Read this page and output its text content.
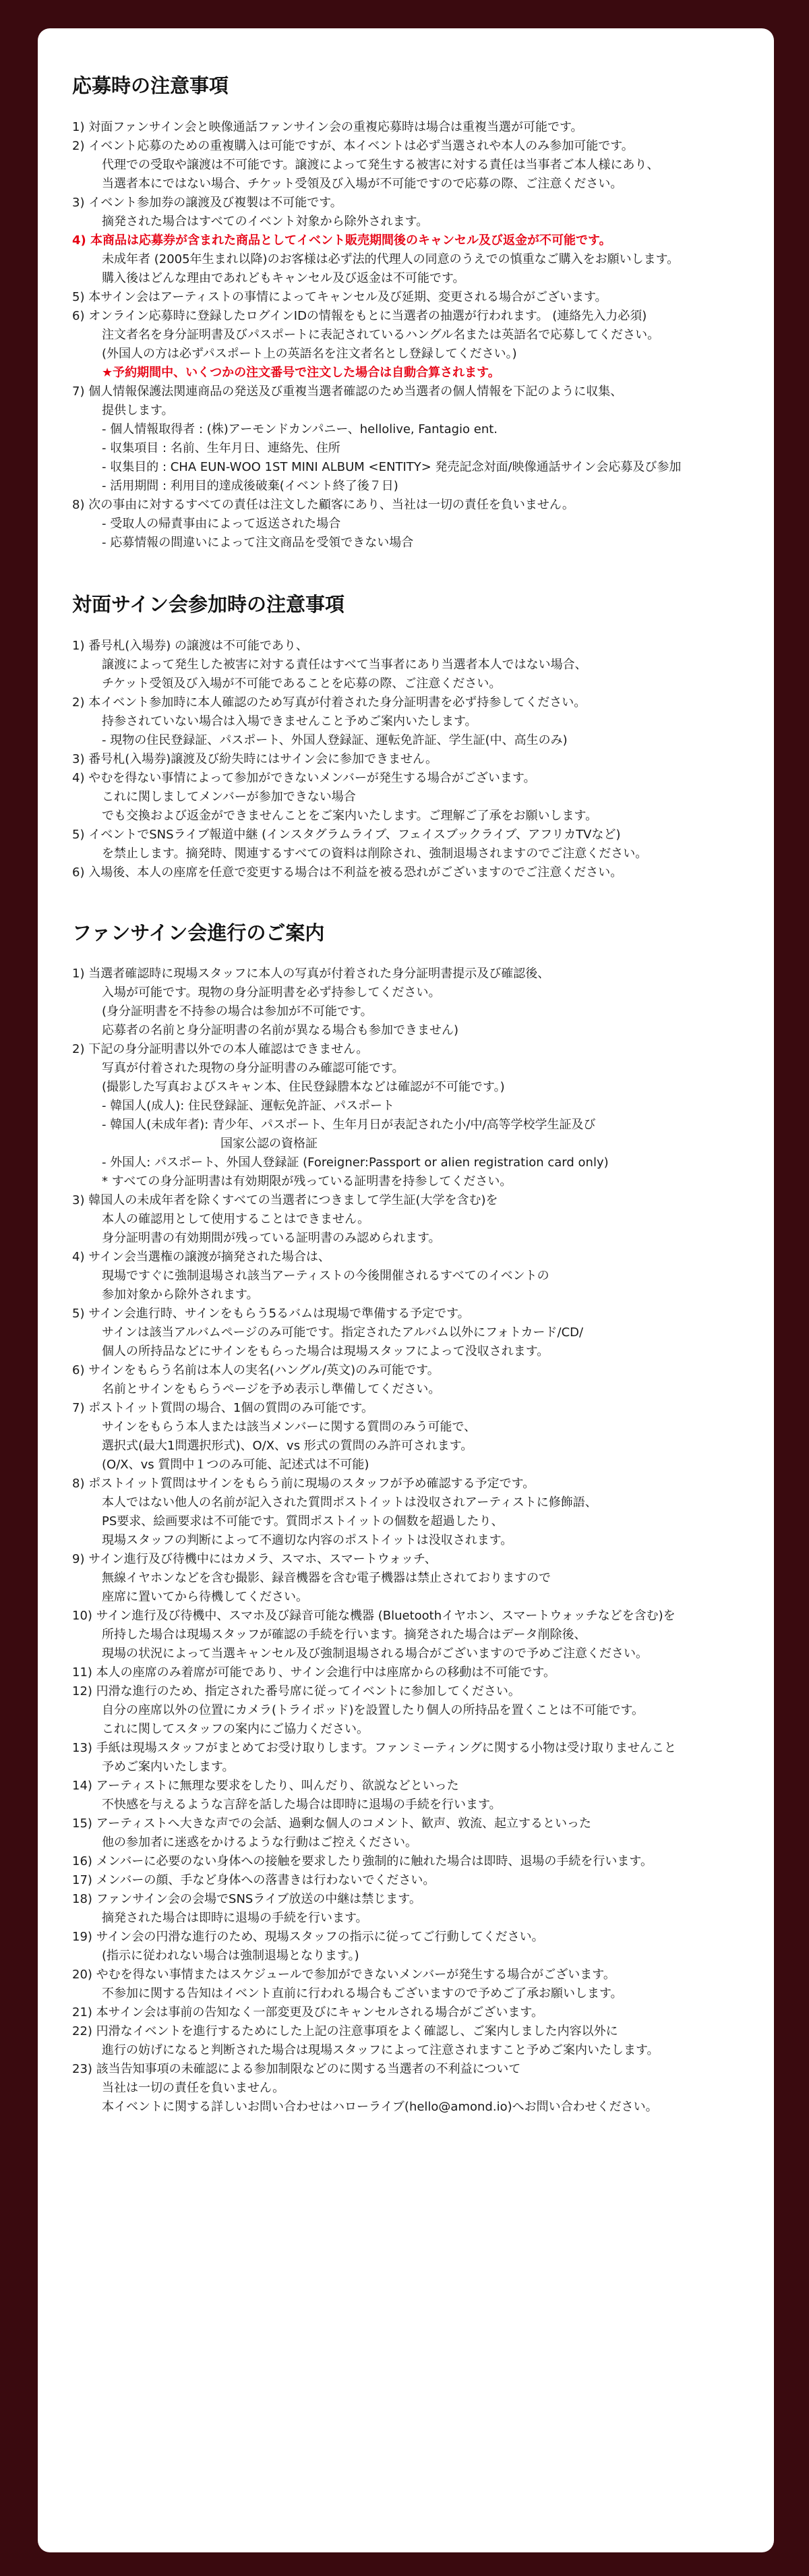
応募時の注意事項
1) 対面ファンサイン会と映像通話ファンサイン会の重複応募時は場合は重複当選が可能です。
2) イベント応募のための重複購入は可能ですが、本イベントは必ず当選されや本人のみ参加可能です。
代理での受取や譲渡は不可能です。譲渡によって発生する被害に対する責任は当事者ご本人様にあり、
当選者本にではない場合、チケット受領及び入場が不可能ですので応募の際、ご注意ください。
3) イベント参加券の譲渡及び複製は不可能です。
摘発された場合はすべてのイベント対象から除外されます。
4) 本商品は応募券が含まれた商品としてイベント販売期間後のキャンセル及び返金が不可能です。
未成年者 (2005年生まれ以降)のお客様は必ず法的代理人の同意のうえでの慎重なご購入をお願いします。
購入後はどんな理由であれどもキャンセル及び返金は不可能です。
5) 本サイン会はアーティストの事情によってキャンセル及び延期、変更される場合がございます。
6) オンライン応募時に登録したログインIDの情報をもとに当選者の抽選が行われます。 (連絡先入力必須)
注文者名を身分証明書及びパスポートに表記されているハングル名または英語名で応募してください。
(外国人の方は必ずパスポート上の英語名を注文者名とし登録してください。)
★予約期間中、いくつかの注文番号で注文した場合は自動合算されます。
7) 個人情報保護法関連商品の発送及び重複当選者確認のため当選者の個人情報を下記のように収集、
提供します。
- 個人情報取得者 : (株)アーモンドカンパニー、hellolive, Fantagio ent.
- 収集項目 : 名前、生年月日、連絡先、住所
- 収集目的 : CHA EUN-WOO 1ST MINI ALBUM <ENTITY> 発売記念対面/映像通話サイン会応募及び参加
- 活用期間 : 利用目的達成後破棄(イベント終了後７日)
8) 次の事由に対するすべての責任は注文した顧客にあり、当社は一切の責任を負いません。
- 受取人の帰責事由によって返送された場合
- 応募情報の間違いによって注文商品を受領できない場合
対面サイン会参加時の注意事項
1) 番号札(入場券) の譲渡は不可能であり、
譲渡によって発生した被害に対する責任はすべて当事者にあり当選者本人ではない場合、
チケット受領及び入場が不可能であることを応募の際、ご注意ください。
2) 本イベント参加時に本人確認のため写真が付着された身分証明書を必ず持参してください。
持参されていない場合は入場できませんこと予めご案内いたします。
- 現物の住民登録証、パスポート、外国人登録証、運転免許証、学生証(中、高生のみ)
3) 番号札(入場券)譲渡及び紛失時にはサイン会に参加できません。
4) やむを得ない事情によって参加ができないメンバーが発生する場合がございます。
これに関しましてメンバーが参加できない場合
でも交換および返金ができませんことをご案内いたします。ご理解ご了承をお願いします。
5) イベントでSNSライブ報道中継 (インスタグラムライブ、フェイスブックライブ、アフリカTVなど)
を禁止します。摘発時、関連するすべての資料は削除され、強制退場されますのでご注意ください。
6) 入場後、本人の座席を任意で変更する場合は不利益を被る恐れがございますのでご注意ください。
ファンサイン会進行のご案内
1) 当選者確認時に現場スタッフに本人の写真が付着された身分証明書提示及び確認後、
入場が可能です。現物の身分証明書を必ず持参してください。
(身分証明書を不持参の場合は参加が不可能です。
応募者の名前と身分証明書の名前が異なる場合も参加できません)
2) 下記の身分証明書以外での本人確認はできません。
写真が付着された現物の身分証明書のみ確認可能です。
(撮影した写真およびスキャン本、住民登録謄本などは確認が不可能です。)
- 韓国人(成人): 住民登録証、運転免許証、パスポート
- 韓国人(未成年者): 青少年、パスポート、生年月日が表記された小/中/高等学校学生証及び
国家公認の資格証
- 外国人: パスポート、外国人登録証 (Foreigner:Passport or alien registration card only)
* すべての身分証明書は有効期限が残っている証明書を持参してください。
3) 韓国人の未成年者を除くすべての当選者につきまして学生証(大学を含む)を
本人の確認用として使用することはできません。
身分証明書の有効期間が残っている証明書のみ認められます。
4) サイン会当選権の譲渡が摘発された場合は、
現場ですぐに強制退場され該当アーティストの今後開催されるすべてのイベントの
参加対象から除外されます。
5) サイン会進行時、サインをもらう5るバムは現場で準備する予定です。
サインは該当アルバムページのみ可能です。指定されたアルバム以外にフォトカード/CD/
個人の所持品などにサインをもらった場合は現場スタッフによって没収されます。
6) サインをもらう名前は本人の実名(ハングル/英文)のみ可能です。
名前とサインをもらうページを予め表示し準備してください。
7) ポストイット質問の場合、1個の質問のみ可能です。
サインをもらう本人または該当メンバーに関する質問のみう可能で、
選択式(最大1問選択形式)、O/X、vs 形式の質問のみ許可されます。
(O/X、vs 質問中１つのみ可能、記述式は不可能)
8) ポストイット質問はサインをもらう前に現場のスタッフが予め確認する予定です。
本人ではない他人の名前が記入された質問ポストイットは没収されアーティストに修飾語、
PS要求、絵画要求は不可能です。質問ポストイットの個数を超過したり、
現場スタッフの判断によって不適切な内容のポストイットは没収されます。
9) サイン進行及び待機中にはカメラ、スマホ、スマートウォッチ、
無線イヤホンなどを含む撮影、録音機器を含む電子機器は禁止されておりますので
座席に置いてから待機してください。
10) サイン進行及び待機中、スマホ及び録音可能な機器 (Bluetoothイヤホン、スマートウォッチなどを含む)を
所持した場合は現場スタッフが確認の手続を行います。摘発された場合はデータ削除後、
現場の状況によって当選キャンセル及び強制退場される場合がございますので予めご注意ください。
11) 本人の座席のみ着席が可能であり、サイン会進行中は座席からの移動は不可能です。
12) 円滑な進行のため、指定された番号席に従ってイベントに参加してください。
自分の座席以外の位置にカメラ(トライポッド)を設置したり個人の所持品を置くことは不可能です。
これに関してスタッフの案内にご協力ください。
13) 手紙は現場スタッフがまとめてお受け取りします。ファンミーティングに関する小物は受け取りませんこと
予めご案内いたします。
14) アーティストに無理な要求をしたり、叫んだり、欲説などといった
不快感を与えるような言辞を話した場合は即時に退場の手続を行います。
15) アーティストへ大きな声での会話、過剰な個人のコメント、歓声、敦流、起立するといった
他の参加者に迷惑をかけるような行動はご控えください。
16) メンバーに必要のない身体への接触を要求したり強制的に触れた場合は即時、退場の手続を行います。
17) メンバーの顔、手など身体への落書きは行わないでください。
18) ファンサイン会の会場でSNSライブ放送の中継は禁じます。
摘発された場合は即時に退場の手続を行います。
19) サイン会の円滑な進行のため、現場スタッフの指示に従ってご行動してください。
(指示に従われない場合は強制退場となります。)
20) やむを得ない事情またはスケジュールで参加ができないメンバーが発生する場合がございます。
不参加に関する告知はイベント直前に行われる場合もございますので予めご了承お願いします。
21) 本サイン会は事前の告知なく一部変更及びにキャンセルされる場合がございます。
22) 円滑なイベントを進行するためにした上記の注意事項をよく確認し、ご案内しました内容以外に
進行の妨げになると判断された場合は現場スタッフによって注意されますこと予めご案内いたします。
23) 該当告知事項の未確認による参加制限などのに関する当選者の不利益について
当社は一切の責任を負いません。
本イベントに関する詳しいお問い合わせはハローライブ(hello@amond.io)へお問い合わせください。
